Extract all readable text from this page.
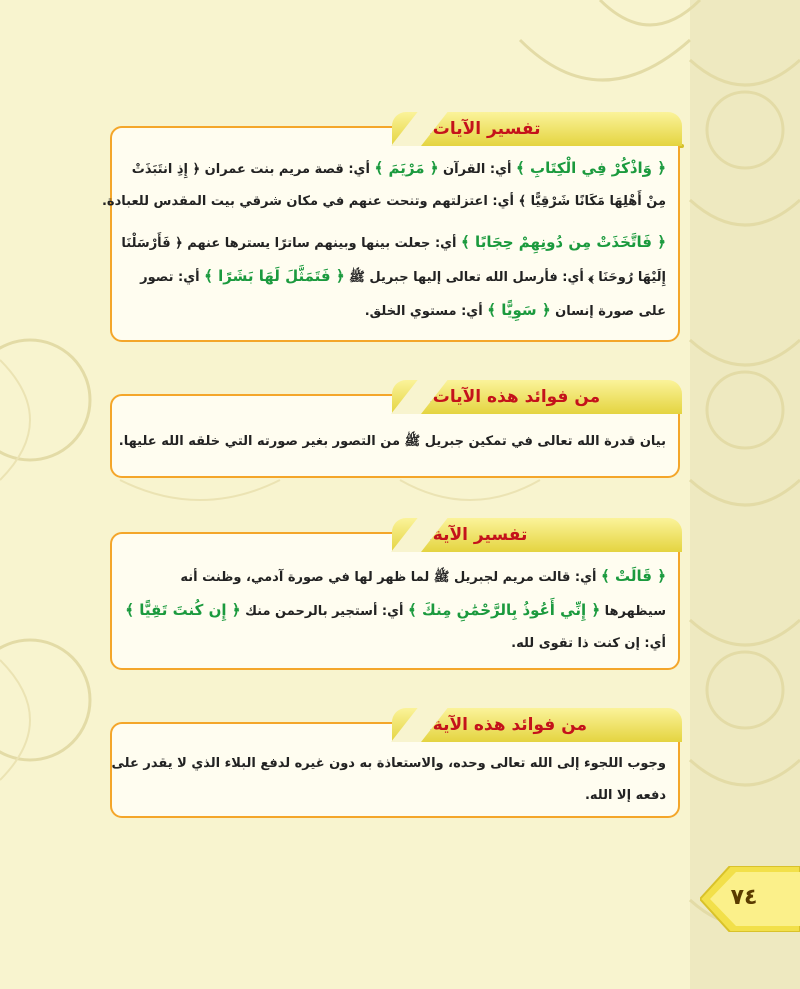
تفسير الآيات:
﴿ وَاذْكُرْ فِي الْكِتَابِ ﴾ أي: القرآن ﴿ مَرْيَمَ ﴾ أي: قصة مريم بنت عمران ﴿ إِذِ انتَبَذَتْ
مِنْ أَهْلِهَا مَكَانًا شَرْقِيًّا ﴾ أي: اعتزلتهم وتنحت عنهم في مكان شرقي بيت المقدس للعبادة.
﴿ فَاتَّخَذَتْ مِن دُونِهِمْ حِجَابًا ﴾ أي: جعلت بينها وبينهم ساترًا يسترها عنهم ﴿ فَأَرْسَلْنَا
إِلَيْهَا رُوحَنَا ﴾ أي: فأرسل الله تعالى إليها جبريل ﷺ ﴿ فَتَمَثَّلَ لَهَا بَشَرًا ﴾ أي: تصور
على صورة إنسان ﴿ سَوِيًّا ﴾ أي: مستوي الخلق.
من فوائد هذه الآيات:
بيان قدرة الله تعالى في تمكين جبريل ﷺ من التصور بغير صورته التي خلقه الله عليها.
تفسير الآية:
﴿ قَالَتْ ﴾ أي: قالت مريم لجبريل ﷺ لما ظهر لها في صورة آدمي، وظنت أنه
سيظهرها ﴿ إِنِّي أَعُوذُ بِالرَّحْمَٰنِ مِنكَ ﴾ أي: أستجير بالرحمن منك ﴿ إِن كُنتَ تَقِيًّا ﴾
أي: إن كنت ذا تقوى لله.
من فوائد هذه الآية:
وجوب اللجوء إلى الله تعالى وحده، والاستعاذة به دون غيره لدفع البلاء الذي لا يقدر على
دفعه إلا الله.
٧٤
